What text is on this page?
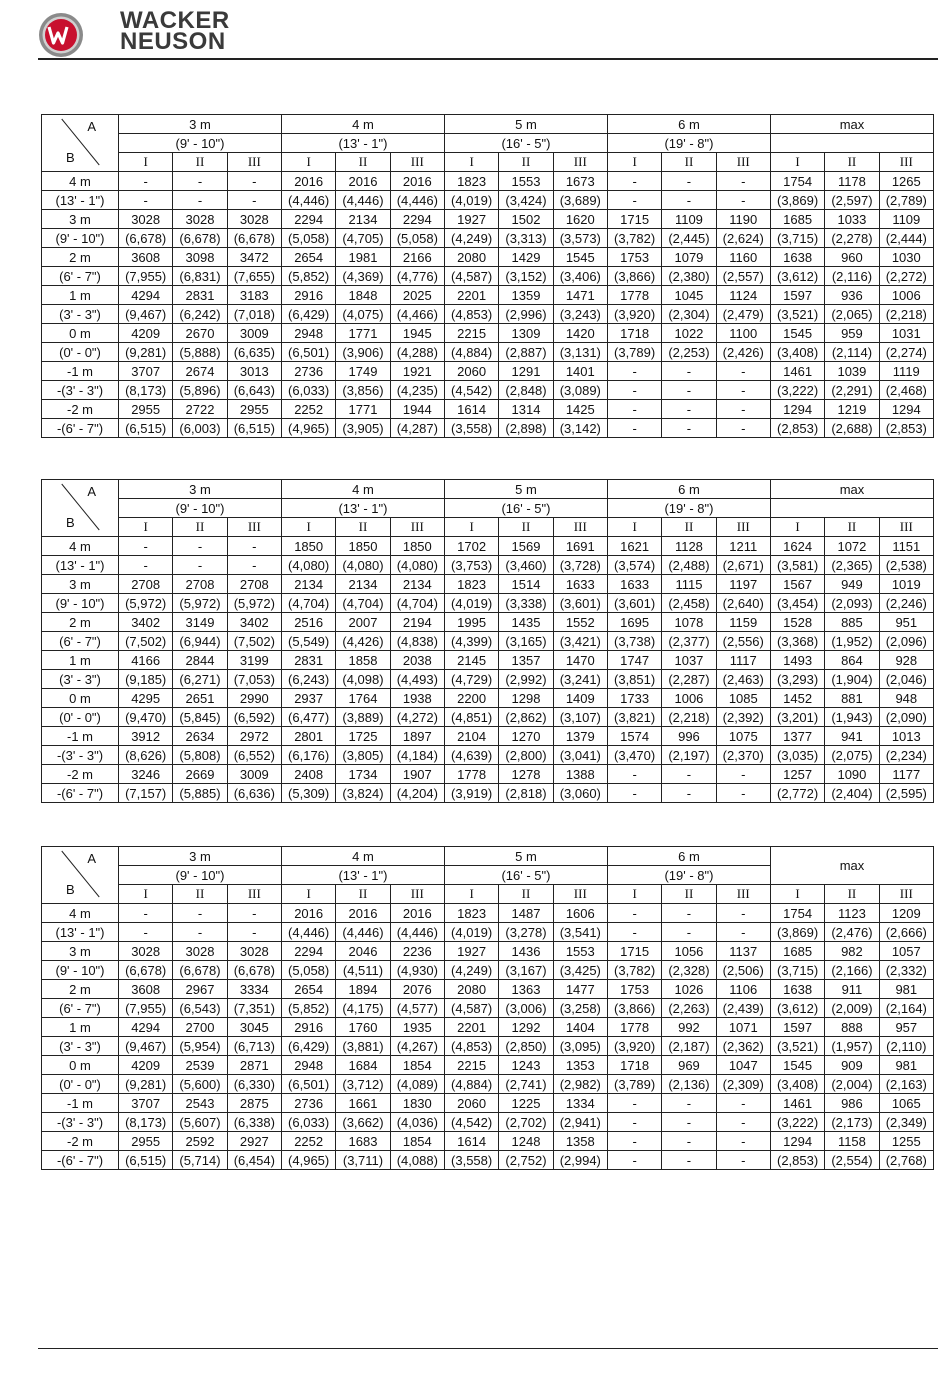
WACKER
NEUSON
A
B	3 m			4 m			5 m			6 m			max		
	(9' - 10")			(13' - 1")			(16' - 5")			(19' - 8")					
	I	II	III	I	II	III	I	II	III	I	II	III	I	II	III
4 m	-	-	-	2016	2016	2016	1823	1553	1673	-	-	-	1754	1178	1265
(13' - 1")	-	-	-	(4,446)	(4,446)	(4,446)	(4,019)	(3,424)	(3,689)	-	-	-	(3,869)	(2,597)	(2,789)
3 m	3028	3028	3028	2294	2134	2294	1927	1502	1620	1715	1109	1190	1685	1033	1109
(9' - 10")	(6,678)	(6,678)	(6,678)	(5,058)	(4,705)	(5,058)	(4,249)	(3,313)	(3,573)	(3,782)	(2,445)	(2,624)	(3,715)	(2,278)	(2,444)
2 m	3608	3098	3472	2654	1981	2166	2080	1429	1545	1753	1079	1160	1638	960	1030
(6' - 7")	(7,955)	(6,831)	(7,655)	(5,852)	(4,369)	(4,776)	(4,587)	(3,152)	(3,406)	(3,866)	(2,380)	(2,557)	(3,612)	(2,116)	(2,272)
1 m	4294	2831	3183	2916	1848	2025	2201	1359	1471	1778	1045	1124	1597	936	1006
(3' - 3")	(9,467)	(6,242)	(7,018)	(6,429)	(4,075)	(4,466)	(4,853)	(2,996)	(3,243)	(3,920)	(2,304)	(2,479)	(3,521)	(2,065)	(2,218)
0 m	4209	2670	3009	2948	1771	1945	2215	1309	1420	1718	1022	1100	1545	959	1031
(0' - 0")	(9,281)	(5,888)	(6,635)	(6,501)	(3,906)	(4,288)	(4,884)	(2,887)	(3,131)	(3,789)	(2,253)	(2,426)	(3,408)	(2,114)	(2,274)
-1 m	3707	2674	3013	2736	1749	1921	2060	1291	1401	-	-	-	1461	1039	1119
-(3' - 3")	(8,173)	(5,896)	(6,643)	(6,033)	(3,856)	(4,235)	(4,542)	(2,848)	(3,089)	-	-	-	(3,222)	(2,291)	(2,468)
-2 m	2955	2722	2955	2252	1771	1944	1614	1314	1425	-	-	-	1294	1219	1294
-(6' - 7")	(6,515)	(6,003)	(6,515)	(4,965)	(3,905)	(4,287)	(3,558)	(2,898)	(3,142)	-	-	-	(2,853)	(2,688)	(2,853)
A
B	3 m			4 m			5 m			6 m			max		
	(9' - 10")			(13' - 1")			(16' - 5")			(19' - 8")					
	I	II	III	I	II	III	I	II	III	I	II	III	I	II	III
4 m	-	-	-	1850	1850	1850	1702	1569	1691	1621	1128	1211	1624	1072	1151
(13' - 1")	-	-	-	(4,080)	(4,080)	(4,080)	(3,753)	(3,460)	(3,728)	(3,574)	(2,488)	(2,671)	(3,581)	(2,365)	(2,538)
3 m	2708	2708	2708	2134	2134	2134	1823	1514	1633	1633	1115	1197	1567	949	1019
(9' - 10")	(5,972)	(5,972)	(5,972)	(4,704)	(4,704)	(4,704)	(4,019)	(3,338)	(3,601)	(3,601)	(2,458)	(2,640)	(3,454)	(2,093)	(2,246)
2 m	3402	3149	3402	2516	2007	2194	1995	1435	1552	1695	1078	1159	1528	885	951
(6' - 7")	(7,502)	(6,944)	(7,502)	(5,549)	(4,426)	(4,838)	(4,399)	(3,165)	(3,421)	(3,738)	(2,377)	(2,556)	(3,368)	(1,952)	(2,096)
1 m	4166	2844	3199	2831	1858	2038	2145	1357	1470	1747	1037	1117	1493	864	928
(3' - 3")	(9,185)	(6,271)	(7,053)	(6,243)	(4,098)	(4,493)	(4,729)	(2,992)	(3,241)	(3,851)	(2,287)	(2,463)	(3,293)	(1,904)	(2,046)
0 m	4295	2651	2990	2937	1764	1938	2200	1298	1409	1733	1006	1085	1452	881	948
(0' - 0")	(9,470)	(5,845)	(6,592)	(6,477)	(3,889)	(4,272)	(4,851)	(2,862)	(3,107)	(3,821)	(2,218)	(2,392)	(3,201)	(1,943)	(2,090)
-1 m	3912	2634	2972	2801	1725	1897	2104	1270	1379	1574	996	1075	1377	941	1013
-(3' - 3")	(8,626)	(5,808)	(6,552)	(6,176)	(3,805)	(4,184)	(4,639)	(2,800)	(3,041)	(3,470)	(2,197)	(2,370)	(3,035)	(2,075)	(2,234)
-2 m	3246	2669	3009	2408	1734	1907	1778	1278	1388	-	-	-	1257	1090	1177
-(6' - 7")	(7,157)	(5,885)	(6,636)	(5,309)	(3,824)	(4,204)	(3,919)	(2,818)	(3,060)	-	-	-	(2,772)	(2,404)	(2,595)
A
B	3 m			4 m			5 m			6 m			max		
	(9' - 10")			(13' - 1")			(16' - 5")			(19' - 8")					
	I	II	III	I	II	III	I	II	III	I	II	III	I	II	III
4 m	-	-	-	2016	2016	2016	1823	1487	1606	-	-	-	1754	1123	1209
(13' - 1")	-	-	-	(4,446)	(4,446)	(4,446)	(4,019)	(3,278)	(3,541)	-	-	-	(3,869)	(2,476)	(2,666)
3 m	3028	3028	3028	2294	2046	2236	1927	1436	1553	1715	1056	1137	1685	982	1057
(9' - 10")	(6,678)	(6,678)	(6,678)	(5,058)	(4,511)	(4,930)	(4,249)	(3,167)	(3,425)	(3,782)	(2,328)	(2,506)	(3,715)	(2,166)	(2,332)
2 m	3608	2967	3334	2654	1894	2076	2080	1363	1477	1753	1026	1106	1638	911	981
(6' - 7")	(7,955)	(6,543)	(7,351)	(5,852)	(4,175)	(4,577)	(4,587)	(3,006)	(3,258)	(3,866)	(2,263)	(2,439)	(3,612)	(2,009)	(2,164)
1 m	4294	2700	3045	2916	1760	1935	2201	1292	1404	1778	992	1071	1597	888	957
(3' - 3")	(9,467)	(5,954)	(6,713)	(6,429)	(3,881)	(4,267)	(4,853)	(2,850)	(3,095)	(3,920)	(2,187)	(2,362)	(3,521)	(1,957)	(2,110)
0 m	4209	2539	2871	2948	1684	1854	2215	1243	1353	1718	969	1047	1545	909	981
(0' - 0")	(9,281)	(5,600)	(6,330)	(6,501)	(3,712)	(4,089)	(4,884)	(2,741)	(2,982)	(3,789)	(2,136)	(2,309)	(3,408)	(2,004)	(2,163)
-1 m	3707	2543	2875	2736	1661	1830	2060	1225	1334	-	-	-	1461	986	1065
-(3' - 3")	(8,173)	(5,607)	(6,338)	(6,033)	(3,662)	(4,036)	(4,542)	(2,702)	(2,941)	-	-	-	(3,222)	(2,173)	(2,349)
-2 m	2955	2592	2927	2252	1683	1854	1614	1248	1358	-	-	-	1294	1158	1255
-(6' - 7")	(6,515)	(5,714)	(6,454)	(4,965)	(3,711)	(4,088)	(3,558)	(2,752)	(2,994)	-	-	-	(2,853)	(2,554)	(2,768)
